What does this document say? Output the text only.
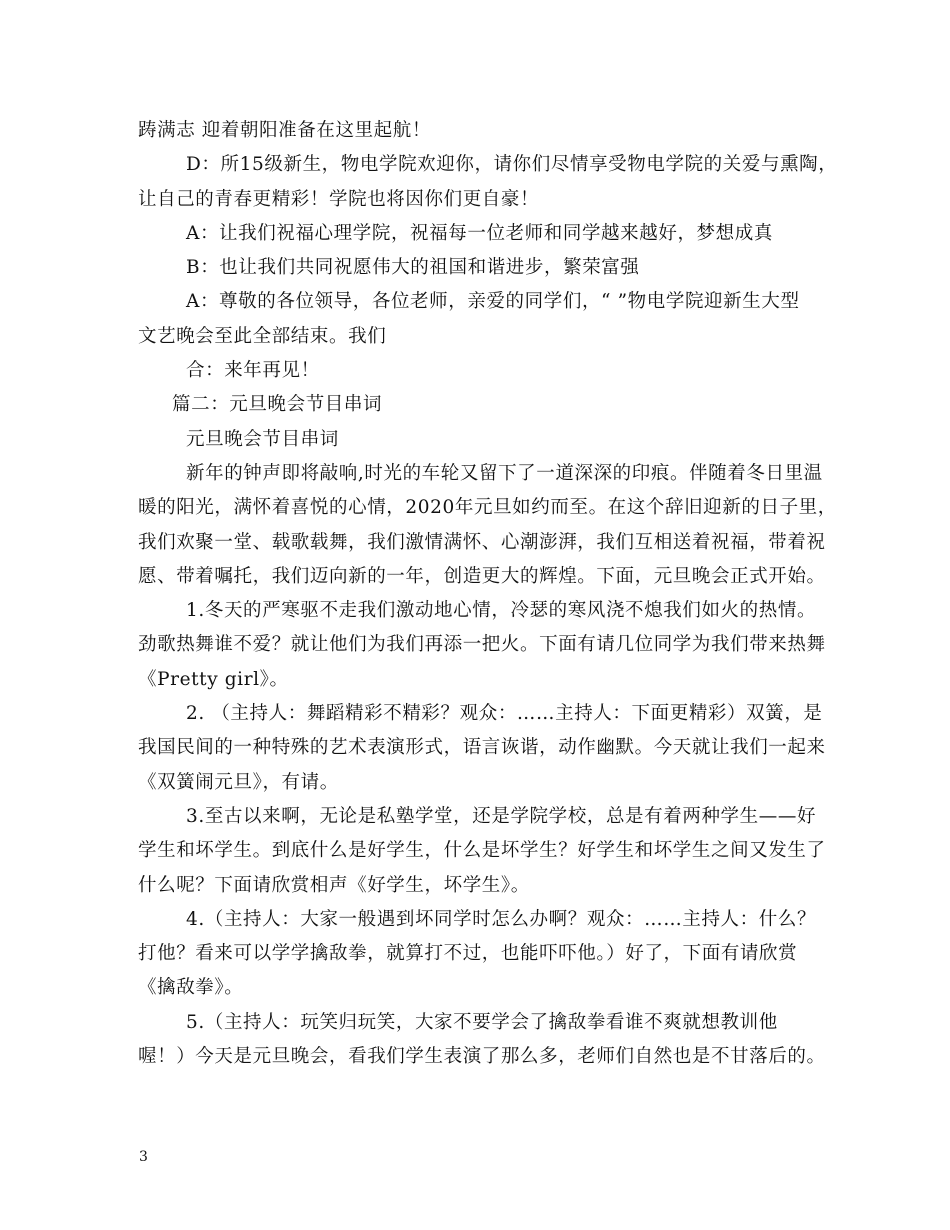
踌满志 迎着朝阳准备在这里起航！
D：所15级新生，物电学院欢迎你，请你们尽情享受物电学院的关爱与熏陶，
让自己的青春更精彩！学院也将因你们更自豪！
A：让我们祝福心理学院，祝福每一位老师和同学越来越好，梦想成真
B：也让我们共同祝愿伟大的祖国和谐进步，繁荣富强
A：尊敬的各位领导，各位老师，亲爱的同学们，“ ”物电学院迎新生大型
文艺晚会至此全部结束。我们
合：来年再见！
篇二：元旦晚会节目串词
元旦晚会节目串词
新年的钟声即将敲响,时光的车轮又留下了一道深深的印痕。伴随着冬日里温
暖的阳光，满怀着喜悦的心情，2020年元旦如约而至。在这个辞旧迎新的日子里，
我们欢聚一堂、载歌载舞，我们激情满怀、心潮澎湃，我们互相送着祝福，带着祝
愿、带着嘱托，我们迈向新的一年，创造更大的辉煌。下面，元旦晚会正式开始。
1.冬天的严寒驱不走我们激动地心情，冷瑟的寒风浇不熄我们如火的热情。
劲歌热舞谁不爱？就让他们为我们再添一把火。下面有请几位同学为我们带来热舞
《Pretty girl》。
2. （主持人：舞蹈精彩不精彩？观众：……主持人：下面更精彩）双簧，是
我国民间的一种特殊的艺术表演形式，语言诙谐，动作幽默。今天就让我们一起来
《双簧闹元旦》，有请。
3.至古以来啊，无论是私塾学堂，还是学院学校，总是有着两种学生——好
学生和坏学生。到底什么是好学生，什么是坏学生？好学生和坏学生之间又发生了
什么呢？下面请欣赏相声《好学生，坏学生》。
4.（主持人：大家一般遇到坏同学时怎么办啊？观众：……主持人：什么？
打他？看来可以学学擒敌拳，就算打不过，也能吓吓他。）好了，下面有请欣赏
《擒敌拳》。
5.（主持人：玩笑归玩笑，大家不要学会了擒敌拳看谁不爽就想教训他
喔！）今天是元旦晚会，看我们学生表演了那么多，老师们自然也是不甘落后的。
3
